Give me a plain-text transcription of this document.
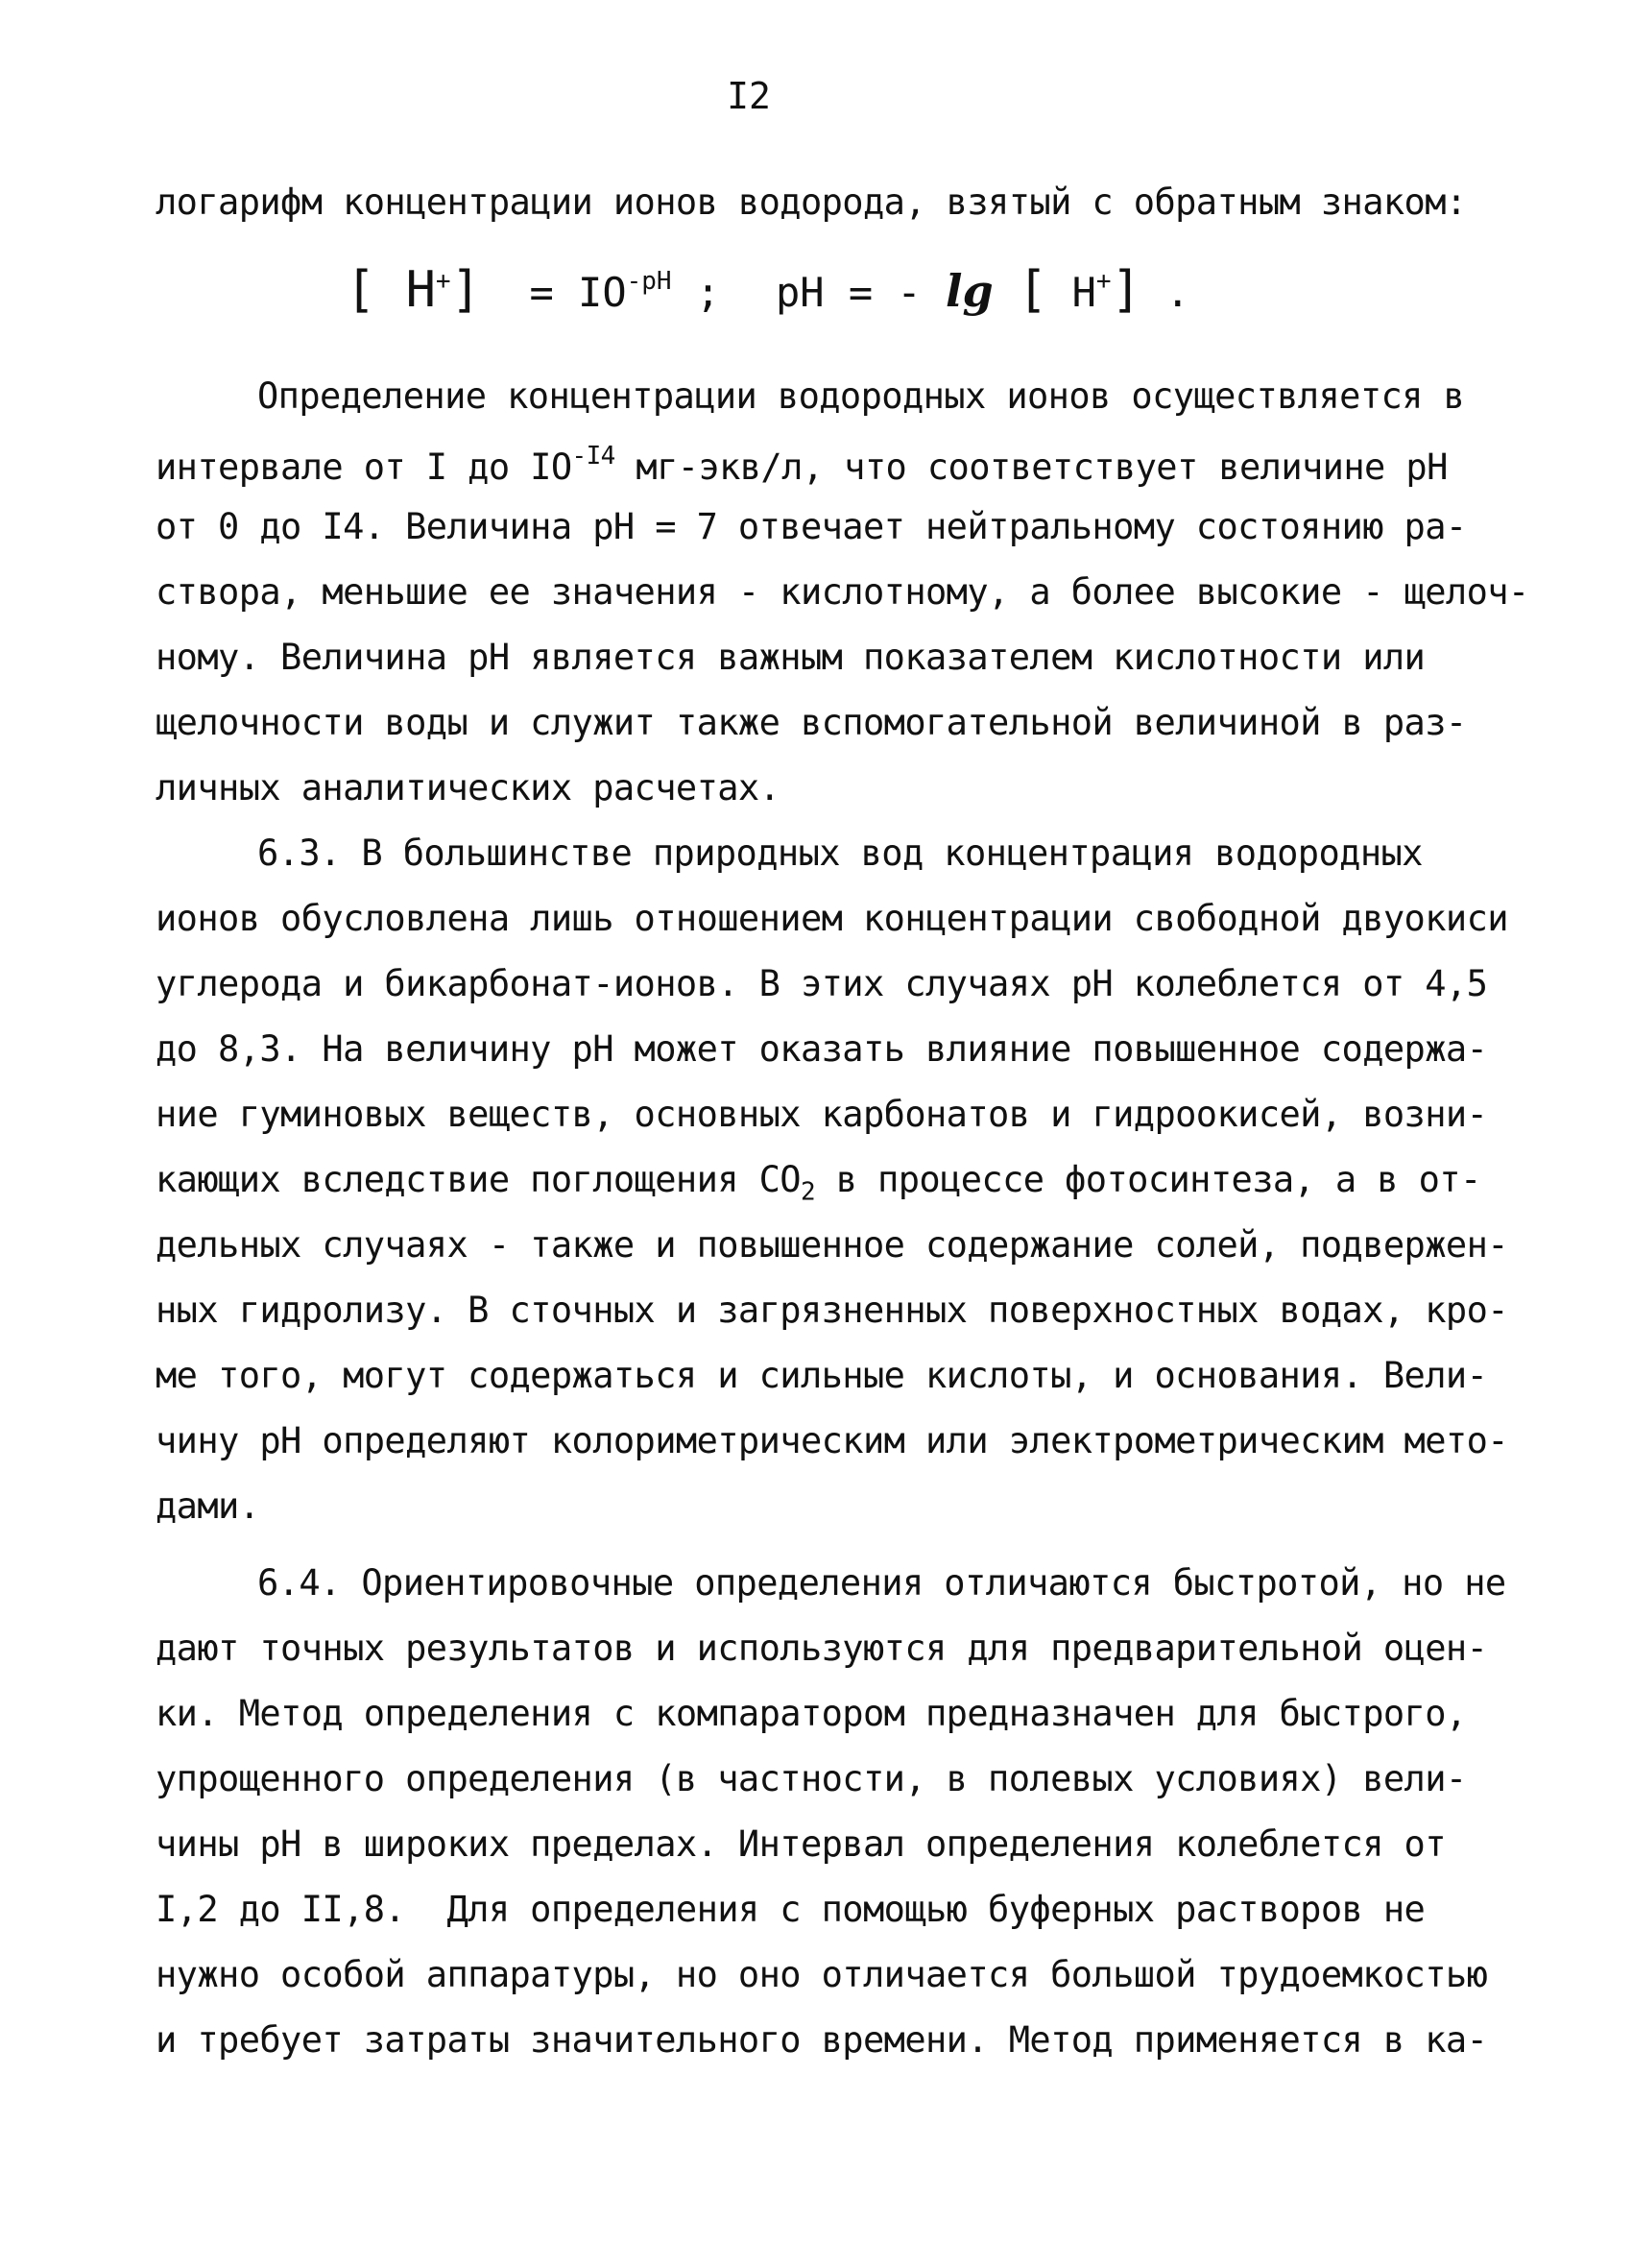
I2
логарифм концентрации ионов водорода, взятый с обратным знаком:
[ $H^+] = IO^{-pH}$ ; pH = - lg [ H+] .
Определение концентрации водородных ионов осуществляется в
интервале от I до $IO^{-I4}$ мг-экв/л, что соответствует величине pH
от 0 до I4. Величина pH = 7 отвечает нейтральному состоянию ра-
створа, меньшие ее значения - кислотному, а более высокие - щелоч-
ному. Величина pH является важным показателем кислотности или
щелочности воды и служит также вспомогательной величиной в раз-
личных аналитических расчетах.
6.3. В большинстве природных вод концентрация водородных
ионов обусловлена лишь отношением концентрации свободной двуокиси
углерода и бикарбонат-ионов. В этих случаях pH колеблется от 4,5
до 8,3. На величину pH может оказать влияние повышенное содержа-
ние гуминовых веществ, основных карбонатов и гидроокисей, возни-
кающих вследствие поглощения $CO_2$ в процессе фотосинтеза, а в от-
дельных случаях - также и повышенное содержание солей, подвержен-
ных гидролизу. В сточных и загрязненных поверхностных водах, кро-
ме того, могут содержаться и сильные кислоты, и основания. Вели-
чину pH определяют колориметрическим или электрометрическим мето-
дами.
6.4. Ориентировочные определения отличаются быстротой, но не
дают точных результатов и используются для предварительной оцен-
ки. Метод определения с компаратором предназначен для быстрого,
упрощенного определения (в частности, в полевых условиях) вели-
чины pH в широких пределах. Интервал определения колеблется от
I,2 до II,8.  Для определения с помощью буферных растворов не
нужно особой аппаратуры, но оно отличается большой трудоемкостью
и требует затраты значительного времени. Метод применяется в ка-
